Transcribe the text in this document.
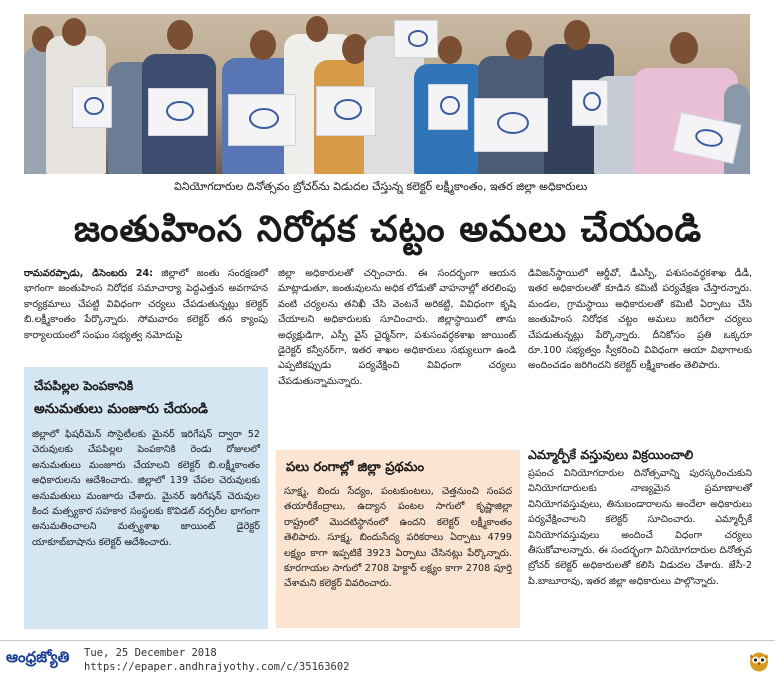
వినియోగదారుల దినోత్సవం బ్రోచర్‌ను విడుదల చేస్తున్న కలెక్టర్ లక్ష్మీకాంతం, ఇతర జిల్లా అధికారులు
జంతుహింస నిరోధక చట్టం అమలు చేయండి

రామవరప్పాడు, డిసెంబరు 24: జిల్లాలో జంతు సంరక్షణలో భాగంగా జంతుహింస నిరోధక సమాచార్యా పెద్దఎత్తున అవగాహన కార్యక్రమాలు చేపట్టి వివిధంగా చర్యలు చేపడుతున్నట్లు కలెక్టర్ బి.లక్ష్మీకాంతం పేర్కొన్నారు. సోమవారం కలెక్టర్ తన క్యాంపు కార్యాలయంలో సంఘం సభ్యత్వ నమోదుపై

చేపపిల్లల పెంపకానికి
అనుమతులు మంజూరు చేయండి
జిల్లాలో ఫిషరీమెన్ సొసైటీలకు మైనర్ ఇరిగేషన్ ద్వారా 52 చెరువులకు చేపపిల్లల పెంపకానికి రెండు రోజులలో అనుమతులు మంజూరు చేయాలని కలెక్టర్ బి.లక్ష్మీకాంతం అధికారులను ఆదేశించారు. జిల్లాలో 139 చేపల చెరువులకు అనుమతులు మంజూరు చేశారు. మైనర్ ఇరిగేషన్ చెరువుల కింద మత్స్యకార సహకార సంస్థలకు కొవిడల్ నర్సరీల భాగంగా అనుమతించాలని మత్స్యశాఖ జాయింట్ డైరెక్టర్ యాకూబ్‌బాషాను కలెక్టర్ ఆదేశించారు.

జిల్లా అధికారులతో చర్చించారు. ఈ సందర్భంగా ఆయన మాట్లాడుతూ, జంతువులను అధిక లోడుతో వాహనాల్లో తరలింపు వంటి చర్యలను తనిఖీ చేసి వెంటనే అరికట్టి, వివిధంగా కృషి చేయాలని అధికారులకు సూచించారు. జిల్లాస్థాయిలో తాను అధ్యక్షుడిగా, ఎస్పీ వైస్ చైర్మన్‌గా, పశుసంవర్ధకశాఖ జాయింట్ డైరెక్టర్ కన్వీనర్‌గా, ఇతర శాఖల అధికారులు సభ్యులుగా ఉండి ఎప్పటికప్పుడు పర్యవేక్షించి వివిధంగా చర్యలు చేపడుతున్నామన్నారు.

పలు రంగాల్లో జిల్లా ప్రథమం
సూక్ష్మ, బిందు సేద్యం, పంటకుంటలు, చెత్తనుంచి సంపద తయారీకేంద్రాలు, ఉద్యాన పంటల సాగులో కృష్ణాజిల్లా రాష్ట్రంలో మొదటిస్థానంలో ఉందని కలెక్టర్ లక్ష్మీకాంతం తెలిపారు. సూక్ష్మ, బిందుసేద్య పరికరాలు ఏర్పాటు 4799 లక్ష్యం కాగా ఇప్పటికే 3923 ఏర్పాటు చేసినట్లు పేర్కొన్నారు. కూరగాయల సాగులో 2708 హెక్టార్ లక్ష్యం కాగా 2708 పూర్తి చేశామని కలెక్టర్ వివరించారు.

డివిజన్‌స్థాయిలో ఆర్డీవో, డీఎస్పీ, పశుసంవర్ధకశాఖ డీడీ, ఇతర అధికారులతో కూడిన కమిటీ పర్యవేక్షణ చేస్తారన్నారు. మండల, గ్రామస్థాయి అధికారులతో కమిటీ ఏర్పాటు చేసి జంతుహింస నిరోధక చట్టం అమలు జరిగేలా చర్యలు చేపడుతున్నట్లు పేర్కొన్నారు. దీనికోసం ప్రతి ఒక్కరూ రూ.100 సభ్యత్వం స్వీకరించి వివిధంగా ఆయా విభాగాలకు అందించడం జరిగిందని కలెక్టర్ లక్ష్మీకాంతం తెలిపారు.

ఎమ్మార్పీకే వస్తువులు విక్రయించాలి
ప్రపంచ వినియోగదారుల దినోత్సవాన్ని పురస్కరించుకుని వినియోగదారులకు నాణ్యమైన ప్రమాణాలతో వినియోగవస్తువులు, తినుబండారాలను అందేలా అధికారులు పర్యవేక్షించాలని కలెక్టర్ సూచించారు. ఎమ్మార్పీకే వినియోగవస్తువులు అందించే విధంగా చర్యలు తీసుకోవాలన్నారు. ఈ సందర్భంగా వినియోగదారుల దినోత్సవ బ్రోచర్ కలెక్టర్ అధికారులతో కలిసి విడుదల చేశారు. జేసీ-2 పి.బాబూరావు, ఇతర జిల్లా అధికారులు పాల్గొన్నారు.
ఆంధ్రజ్యోతి Tue, 25 December 2018
https://epaper.andhrajyothy.com/c/35163602
